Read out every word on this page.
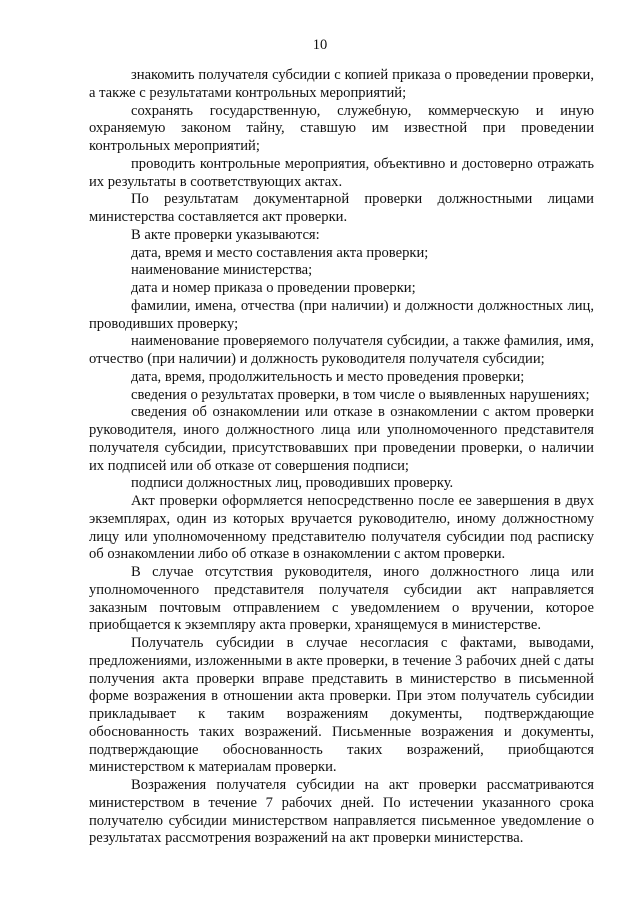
10

знакомить получателя субсидии с копией приказа о проведении проверки, а также с результатами контрольных мероприятий;

сохранять государственную, служебную, коммерческую и иную охраняемую законом тайну, ставшую им известной при проведении контрольных мероприятий;

проводить контрольные мероприятия, объективно и достоверно отражать их результаты в соответствующих актах.

По результатам документарной проверки должностными лицами министерства составляется акт проверки.

В акте проверки указываются:

дата, время и место составления акта проверки;

наименование министерства;

дата и номер приказа о проведении проверки;

фамилии, имена, отчества (при наличии) и должности должностных лиц, проводивших проверку;

наименование проверяемого получателя субсидии, а также фамилия, имя, отчество (при наличии) и должность руководителя получателя субсидии;

дата, время, продолжительность и место проведения проверки;

сведения о результатах проверки, в том числе о выявленных нарушениях;

сведения об ознакомлении или отказе в ознакомлении с актом проверки руководителя, иного должностного лица или уполномоченного представителя получателя субсидии, присутствовавших при проведении проверки, о наличии их подписей или об отказе от совершения подписи;

подписи должностных лиц, проводивших проверку.

Акт проверки оформляется непосредственно после ее завершения в двух экземплярах, один из которых вручается руководителю, иному должностному лицу или уполномоченному представителю получателя субсидии под расписку об ознакомлении либо об отказе в ознакомлении с актом проверки.

В случае отсутствия руководителя, иного должностного лица или уполномоченного представителя получателя субсидии акт направляется заказным почтовым отправлением с уведомлением о вручении, которое приобщается к экземпляру акта проверки, хранящемуся в министерстве.

Получатель субсидии в случае несогласия с фактами, выводами, предложениями, изложенными в акте проверки, в течение 3 рабочих дней с даты получения акта проверки вправе представить в министерство в письменной форме возражения в отношении акта проверки. При этом получатель субсидии прикладывает к таким возражениям документы, подтверждающие обоснованность таких возражений. Письменные возражения и документы, подтверждающие обоснованность таких возражений, приобщаются министерством к материалам проверки.

Возражения получателя субсидии на акт проверки рассматриваются министерством в течение 7 рабочих дней. По истечении указанного срока получателю субсидии министерством направляется письменное уведомление о результатах рассмотрения возражений на акт проверки министерства.
